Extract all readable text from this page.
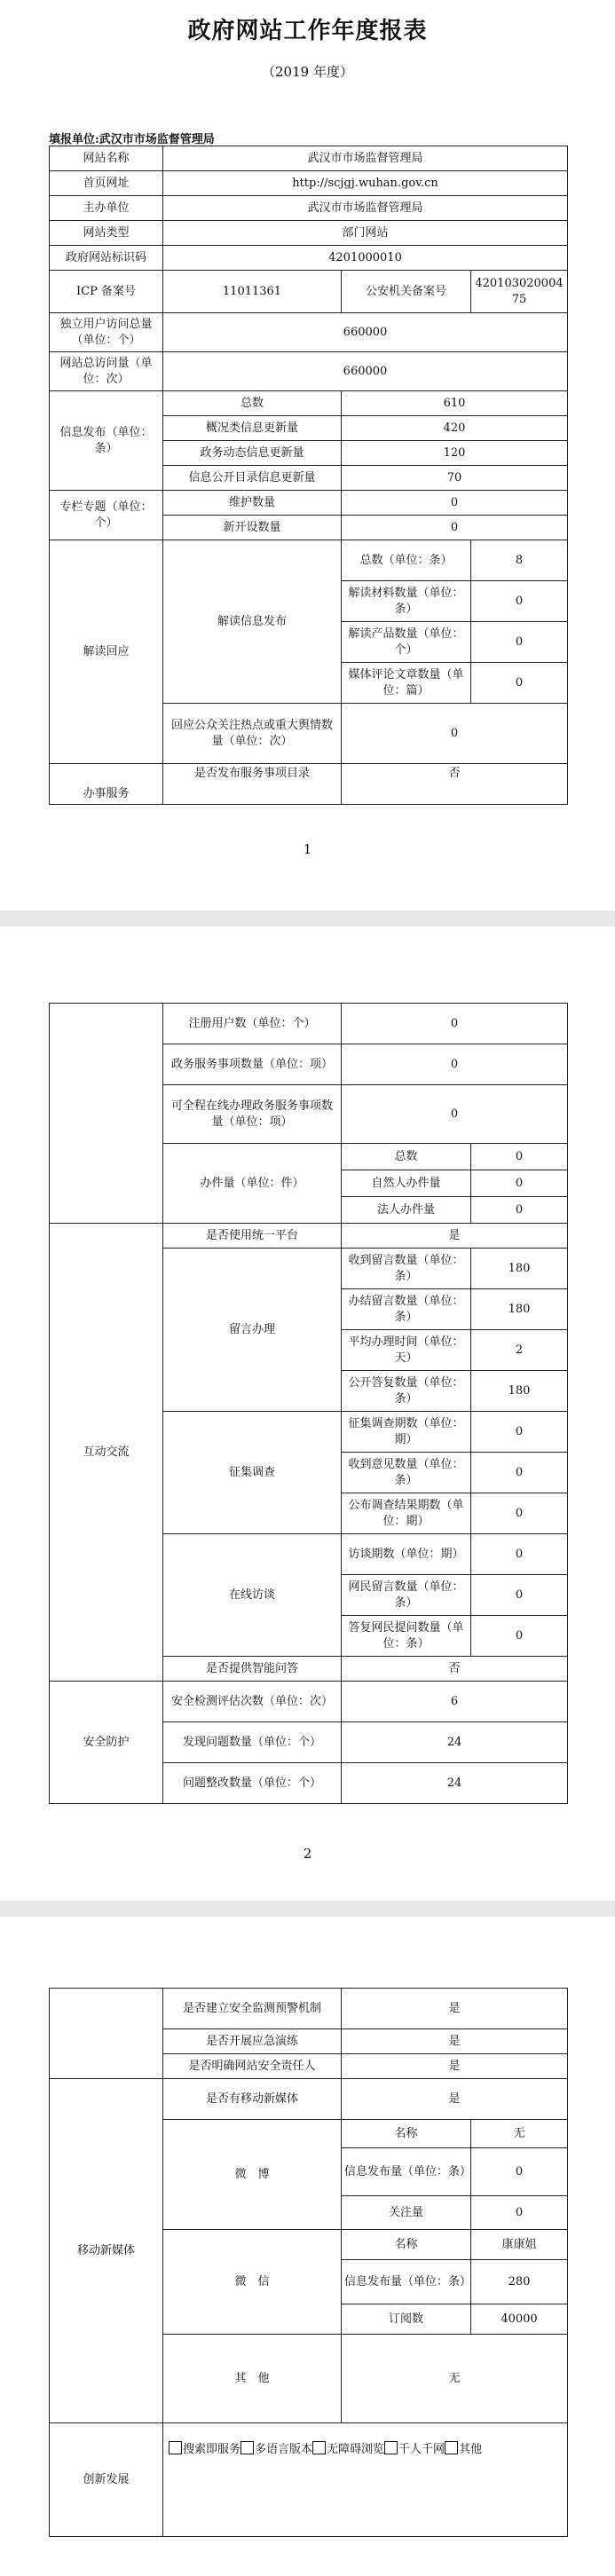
政府网站工作年度报表
（2019 年度）
填报单位:武汉市市场监督管理局
网站名称	武汉市市场监督管理局		
首页网址	http://scjgj.wuhan.gov.cn		
主办单位	武汉市市场监督管理局		
网站类型	部门网站		
政府网站标识码	4201000010		
ICP 备案号	11011361	公安机关备案号	42010302000475
独立用户访问总量（单位：个）	660000		
网站总访问量（单位：次）	660000		
信息发布（单位：条）	总数	610	
	概况类信息更新量	420	
	政务动态信息更新量	120	
	信息公开目录信息更新量	70	
专栏专题（单位：个）	维护数量	0	
	新开设数量	0	
解读回应	解读信息发布	总数（单位：条）	8
		解读材料数量（单位：条）	0
		解读产品数量（单位：个）	0
		媒体评论文章数量（单位：篇）	0
	回应公众关注热点或重大舆情数量（单位：次）	0	
办事服务	是否发布服务事项目录	否	
1
	注册用户数（单位：个）	0	
	政务服务事项数量（单位：项）	0	
	可全程在线办理政务服务事项数量（单位：项）	0	
	办件量（单位：件）	总数	0
		自然人办件量	0
		法人办件量	0
互动交流	是否使用统一平台	是	
	留言办理	收到留言数量（单位：条）	180
		办结留言数量（单位：条）	180
		平均办理时间（单位：天）	2
		公开答复数量（单位：条）	180
	征集调查	征集调查期数（单位：期）	0
		收到意见数量（单位：条）	0
		公布调查结果期数（单位：期）	0
	在线访谈	访谈期数（单位：期）	0
		网民留言数量（单位：条）	0
		答复网民提问数量（单位：条）	0
	是否提供智能问答	否	
安全防护	安全检测评估次数（单位：次）	6	
	发现问题数量（单位：个）	24	
	问题整改数量（单位：个）	24	
2
	是否建立安全监测预警机制	是	
	是否开展应急演练	是	
	是否明确网站安全责任人	是	
移动新媒体	是否有移动新媒体	是	
	微　博	名称	无
		信息发布量（单位：条）	0
		关注量	0
	微　信	名称	康康姐
		信息发布量（单位：条）	280
		订阅数	40000
	其　他	无	
创新发展	搜索即服务 多语言版本 无障碍浏览 千人千网 其他		
